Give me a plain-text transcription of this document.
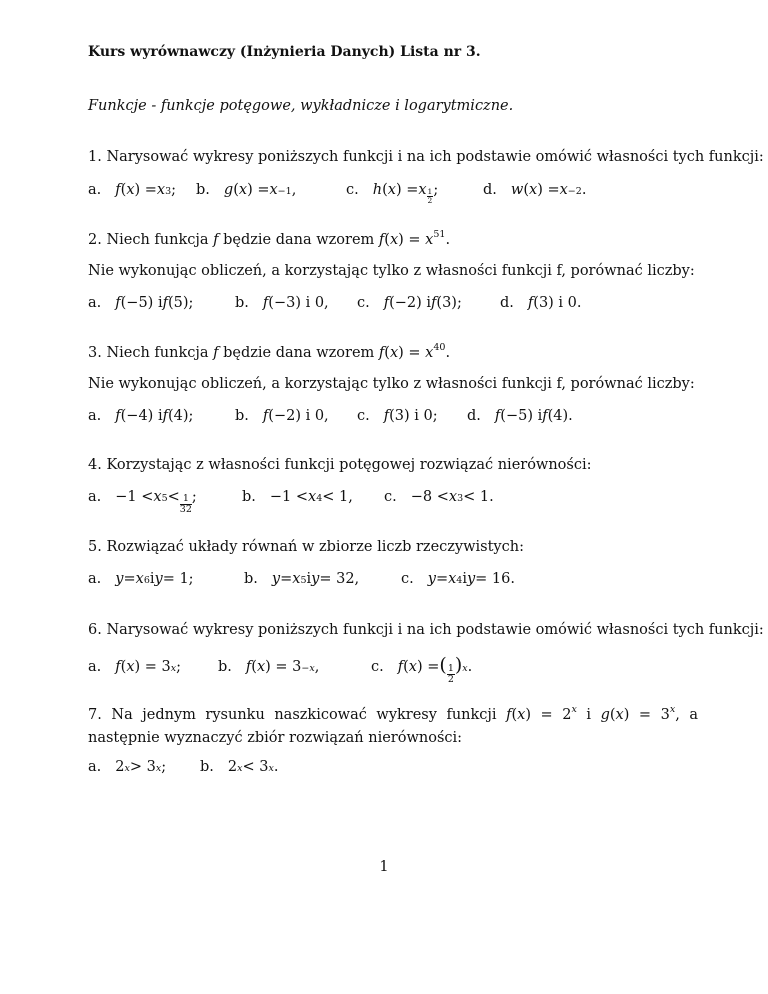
Kurs wyrównawczy (Inżynieria Danych) Lista nr 3.
Funkcje - funkcje potęgowe, wykładnicze i logarytmiczne.
1. Narysować wykresy poniższych funkcji i na ich podstawie omówić własności tych funkcji:
a. f ( x ) = x 3 ;	b. g ( x ) = x −1 ,	c. h ( x ) = x 1
2
;	d. w ( x ) = x −2 .
2. Niech funkcja f będzie dana wzorem $f(x) = x^{51}$.
Nie wykonując obliczeń, a korzystając tylko z własności funkcji f, porównać liczby:
a. f (−5) i f (5);	b. f (−3) i 0,	c. f (−2) i f (3);	d. f (3) i 0.
3. Niech funkcja f będzie dana wzorem $f(x) = x^{40}$.
Nie wykonując obliczeń, a korzystając tylko z własności funkcji f, porównać liczby:
a. f (−4) i f (4);	b. f (−2) i 0,	c. f (3) i 0;	d. f (−5) i f (4).
4. Korzystając z własności funkcji potęgowej rozwiązać nierówności:
a. −1 < x 5 < 1
32
;	b. −1 < x 4 < 1,	c. −8 < x 3 < 1.
5. Rozwiązać układy równań w zbiorze liczb rzeczywistych:
a. y = x 6 i y = 1;	b. y = x 5 i y = 32,	c. y = x 4 i y = 16.
6. Narysować wykresy poniższych funkcji i na ich podstawie omówić własności tych funkcji:
a. f ( x ) = 3 x ;	b. f ( x ) = 3 −x ,	c. f ( x ) = ( 1
2
) x .
7. Na jednym rysunku naszkicować wykresy funkcji $f(x) = 2^x$ i $g(x) = 3^x$, a następnie wyznaczyć zbiór rozwiązań nierówności:
a. 2 x > 3 x ;	b. 2 x < 3 x .
1
